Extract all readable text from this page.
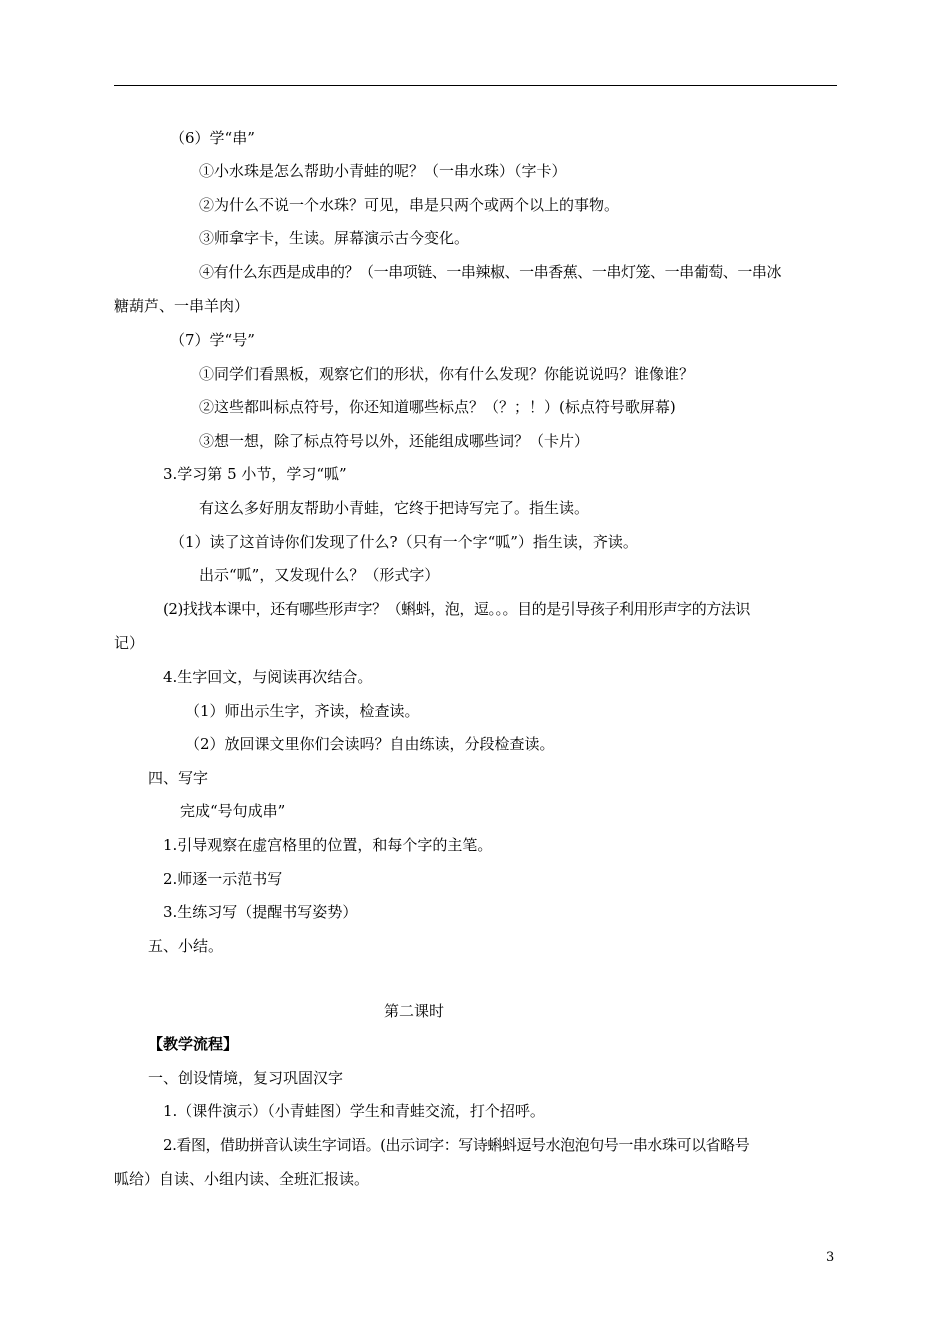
（6）学“串”
①小水珠是怎么帮助小青蛙的呢？（一串水珠）（字卡）
②为什么不说一个水珠？可见，串是只两个或两个以上的事物。
③师拿字卡，生读。屏幕演示古今变化。
④有什么东西是成串的？（一串项链、一串辣椒、一串香蕉、一串灯笼、一串葡萄、一串冰
糖葫芦、一串羊肉）
（7）学“号”
①同学们看黑板，观察它们的形状，你有什么发现？你能说说吗？谁像谁？
②这些都叫标点符号，你还知道哪些标点？（？；！）(标点符号歌屏幕)
③想一想，除了标点符号以外，还能组成哪些词？（卡片）
3.学习第 5 小节，学习“呱”
有这么多好朋友帮助小青蛙，它终于把诗写完了。指生读。
（1）读了这首诗你们发现了什么?（只有一个字“呱”）指生读，齐读。
出示“呱”，又发现什么？（形式字）
(2)找找本课中，还有哪些形声字？（蝌蚪，泡，逗。。。目的是引导孩子利用形声字的方法识
记）
4.生字回文，与阅读再次结合。
（1）师出示生字，齐读，检查读。
（2）放回课文里你们会读吗？自由练读，分段检查读。
四、写字
完成“号句成串”
1.引导观察在虚宫格里的位置，和每个字的主笔。
2.师逐一示范书写
3.生练习写（提醒书写姿势）
五、小结。
第二课时
【教学流程】
一、创设情境，复习巩固汉字
1.（课件演示）（小青蛙图）学生和青蛙交流，打个招呼。
2.看图，借助拼音认读生字词语。(出示词字：写诗蝌蚪逗号水泡泡句号一串水珠可以省略号
呱给）自读、小组内读、全班汇报读。
3
